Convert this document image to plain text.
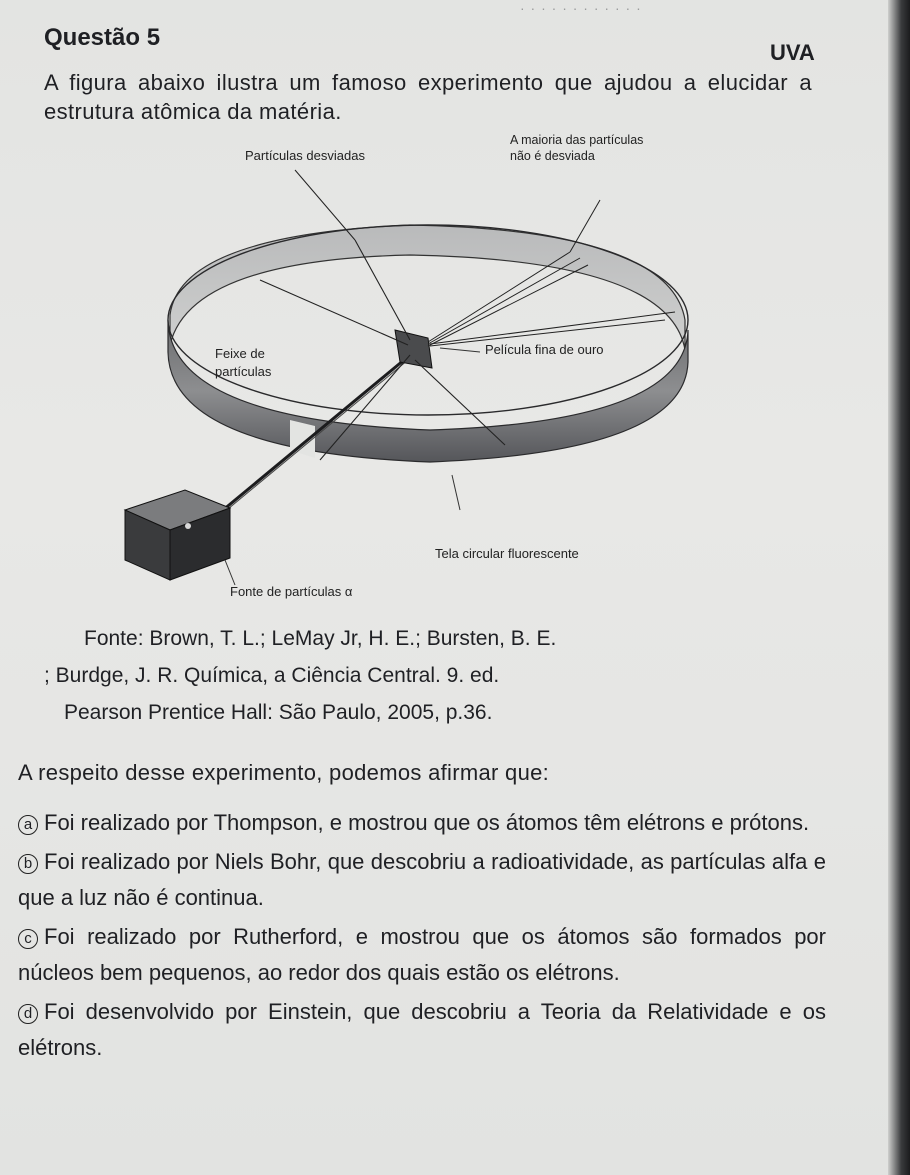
· · · · · · · · · · · ·
Questão 5
UVA
A figura abaixo ilustra um famoso experimento que ajudou a elucidar a estrutura atômica da matéria.
Partículas desviadas
A maioria das partículas
não é desviada
Feixe de
partículas
Película fina de ouro
Tela circular fluorescente
Fonte de partículas α
Fonte: Brown, T. L.; LeMay Jr, H. E.; Bursten, B. E.
; Burdge, J. R. Química, a Ciência Central. 9. ed.
Pearson Prentice Hall: São Paulo, 2005, p.36.
A respeito desse experimento, podemos afirmar que:
a Foi realizado por Thompson, e mostrou que os átomos têm elétrons e prótons.
b Foi realizado por Niels Bohr, que descobriu a radioatividade, as partículas alfa e que a luz não é continua.
c Foi realizado por Rutherford, e mostrou que os átomos são formados por núcleos bem pequenos, ao redor dos quais estão os elétrons.
d Foi desenvolvido por Einstein, que descobriu a Teoria da Relatividade e os elétrons.
